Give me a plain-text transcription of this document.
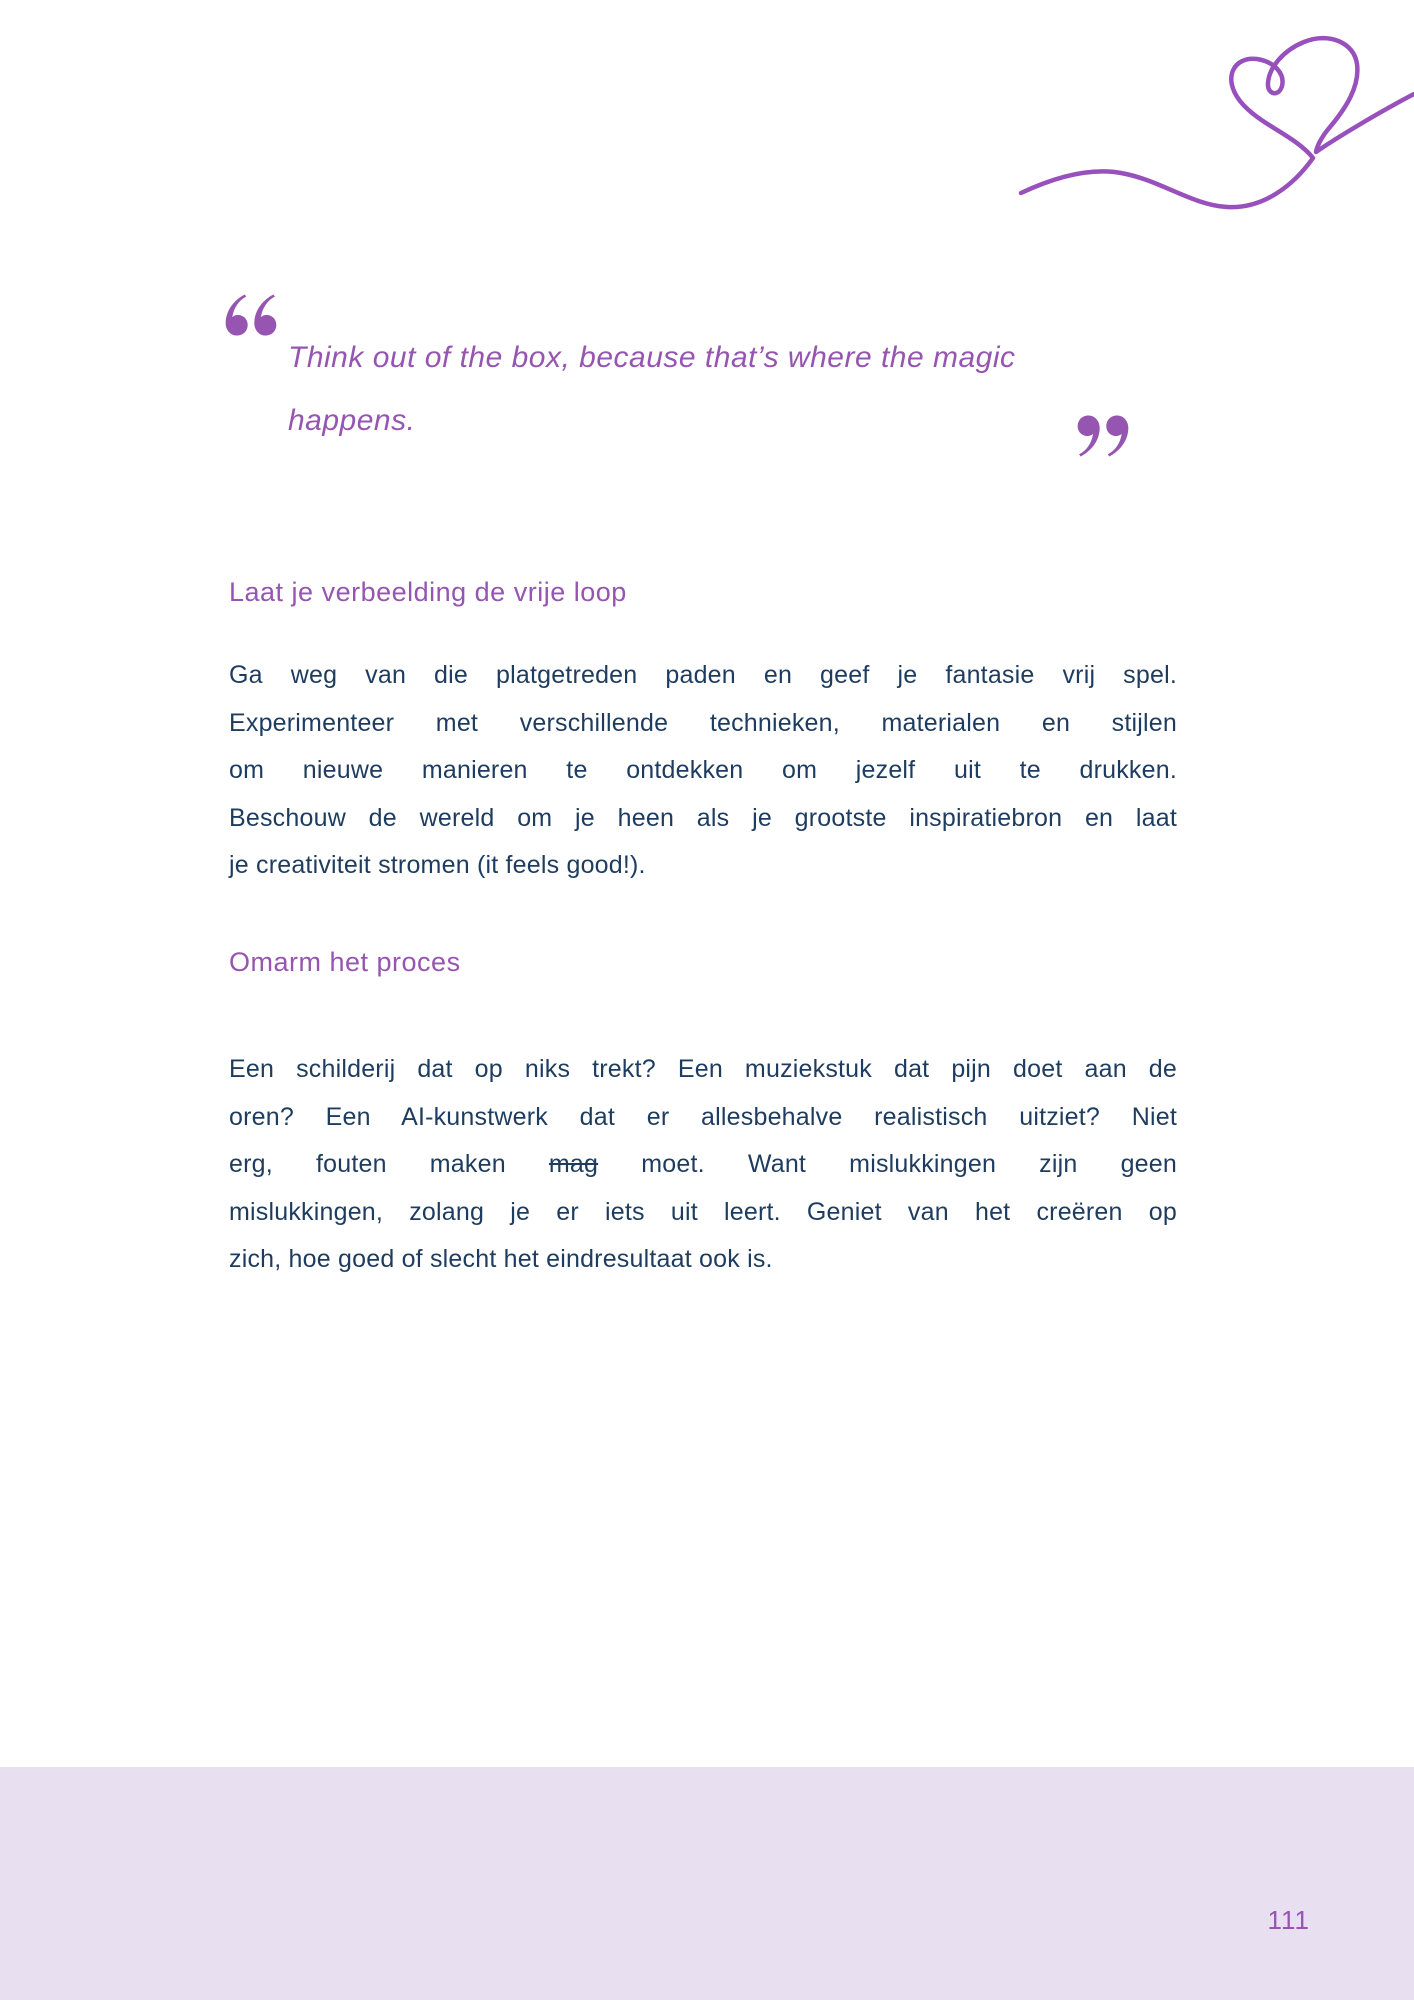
Think out of the box, because that’s where the magic
happens.
Laat je verbeelding de vrije loop
Ga weg van die platgetreden paden en geef je fantasie vrij spel.
Experimenteer met verschillende technieken, materialen en stijlen
om nieuwe manieren te ontdekken om jezelf uit te drukken.
Beschouw de wereld om je heen als je grootste inspiratiebron en laat
je creativiteit stromen (it feels good!).
Omarm het proces
Een schilderij dat op niks trekt? Een muziekstuk dat pijn doet aan de
oren? Een AI-kunstwerk dat er allesbehalve realistisch uitziet? Niet
erg, fouten maken mag moet. Want mislukkingen zijn geen
mislukkingen, zolang je er iets uit leert. Geniet van het creëren op
zich, hoe goed of slecht het eindresultaat ook is.
111
